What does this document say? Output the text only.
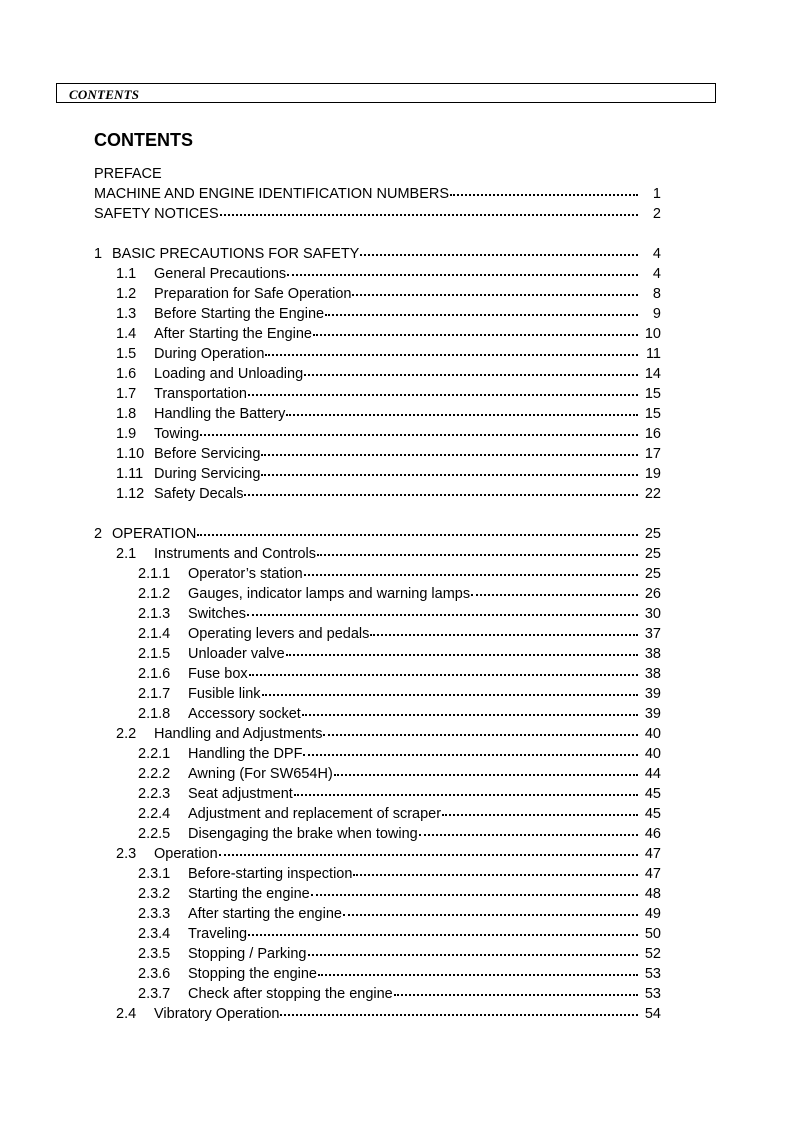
CONTENTS
CONTENTS
PREFACE
MACHINE AND ENGINE IDENTIFICATION NUMBERS	1
SAFETY NOTICES	2
1 BASIC PRECAUTIONS FOR SAFETY	4
1.1	General Precautions	4
1.2	Preparation for Safe Operation	8
1.3	Before Starting the Engine	9
1.4	After Starting the Engine	10
1.5	During Operation	11
1.6	Loading and Unloading	14
1.7	Transportation	15
1.8	Handling the Battery	15
1.9	Towing	16
1.10 Before Servicing	17
1.11 During Servicing	19
1.12 Safety Decals	22
2 OPERATION	25
2.1	Instruments and Controls	25
2.1.1	Operator’s station	25
2.1.2	Gauges, indicator lamps and warning lamps	26
2.1.3	Switches	30
2.1.4	Operating levers and pedals	37
2.1.5	Unloader valve	38
2.1.6	Fuse box	38
2.1.7	Fusible link	39
2.1.8	Accessory socket	39
2.2	Handling and Adjustments	40
2.2.1	Handling the DPF	40
2.2.2	Awning (For SW654H)	44
2.2.3	Seat adjustment	45
2.2.4	Adjustment and replacement of scraper	45
2.2.5	Disengaging the brake when towing	46
2.3	Operation	47
2.3.1	Before-starting inspection	47
2.3.2	Starting the engine	48
2.3.3	After starting the engine	49
2.3.4	Traveling	50
2.3.5	Stopping / Parking	52
2.3.6	Stopping the engine	53
2.3.7	Check after stopping the engine	53
2.4	Vibratory Operation	54
